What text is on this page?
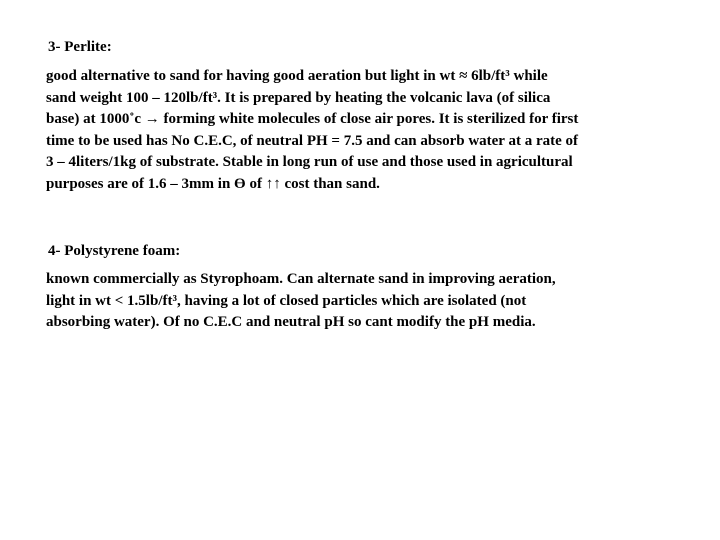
3- Perlite:
good alternative to sand for having good aeration but light in wt ≈ 6lb/ft³ while
sand weight 100 – 120lb/ft³. It is prepared by heating the volcanic lava (of silica
base) at 1000˚c → forming white molecules of close air pores. It is sterilized for first
time to be used has No C.E.C, of neutral PH = 7.5 and can absorb water at a rate of
3 – 4liters/1kg of substrate. Stable in long run of use and those used in agricultural
purposes are of 1.6 – 3mm in ϴ of ↑↑ cost than sand.
4- Polystyrene foam:
known commercially as Styrophoam. Can alternate sand in improving aeration,
light in wt < 1.5lb/ft³, having a lot of closed particles which are isolated (not
absorbing water). Of no C.E.C and neutral pH so cant modify the pH media.
